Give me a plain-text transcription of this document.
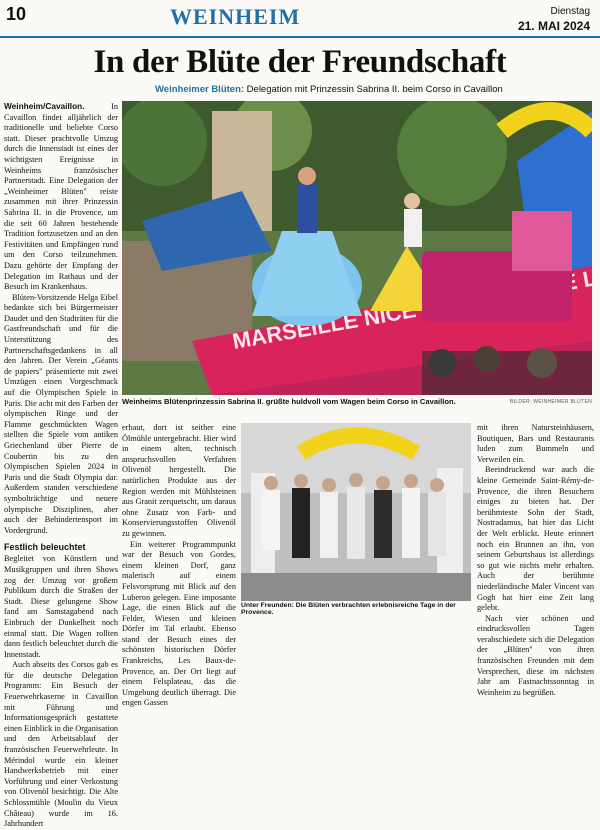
10	WEINHEIM	Dienstag
21. MAI 2024
In der Blüte der Freundschaft
Weinheimer Blüten: Delegation mit Prinzessin Sabrina II. beim Corso in Cavaillon

Weinheim/Cavaillon.	In Cavaillon findet alljährlich der traditionelle und beliebte Corso statt. Dieser prachtvolle Umzug durch die Innenstadt ist eines der wichtigsten Ereignisse in Weinheims französischer Partnerstadt. Eine Delegation der „Weinheimer Blüten" reiste zusammen mit ihrer Prinzessin Sabrina II. in die Provence, um die seit 60 Jahren bestehende Tradition fortzusetzen und an den Festivitäten und Empfängen rund um den Corso teilzunehmen. Dazu gehörte der Empfang der Delegation im Rathaus und der Besuch im Krankenhaus.

Blüten-Vorsitzende Helga Eibel bedankte sich bei Bürgermeister Daudet und den Stadträten für die Gastfreundschaft und für die Unterstützung des Partnerschaftsgedankens in all den Jahren. Der Verein „Géants de papiers" präsentierte mit zwei Umzügen einen Vorgeschmack auf die Olympischen Spiele in Paris. Die acht mit den Farben der olympischen Ringe und der Flamme geschmückten Wagen stellten die Spiele vom antiken Griechenland über Pierre de Coubertin bis zu den Olympischen Spielen 2024 in Paris und die Stadt Olympia dar. Außerdem standen verschiedene symbolträchtige und neuere olympische Disziplinen, aber auch der Behindertensport im Vordergrund.

Festlich beleuchtet

Begleitet von Künstlern und Musikgruppen und ihren Shows zog der Umzug vor großem Publikum durch die Straßen der Stadt. Diese gelungene Show fand am Samstagabend nach Einbruch der Dunkelheit noch einmal statt. Die Wagen rollten dann festlich beleuchtet durch die Innenstadt.

Auch abseits des Corsos gab es für die deutsche Delegation Programm: Ein Besuch der Feuerwehrkaserne in Cavaillon mit Führung und Informationsgespräch gestattete einen Einblick in die Organisation und den Arbeitsablauf der französischen Feuerwehrleute. In Mérindol wurde ein kleiner Handwerksbetrieb mit einer Vorführung und einer Verkostung von Olivenöl besichtigt. Die Alte Schlossmühle (Moulin du Vieux Château) wurde im 16. Jahrhundert

MARSEILLE NICE LY
Weinheims Blütenprinzessin Sabrina II. grüßte huldvoll vom Wagen beim Corso in Cavaillon.	BILDER: WEINHEIMER BLÜTEN

erbaut, dort ist seither eine Ölmühle untergebracht. Hier wird in einem alten, technisch anspruchsvollen Verfahren Olivenöl hergestellt. Die natürlichen Produkte aus der Region werden mit Mühlsteinen aus Granit zerquetscht, um daraus ohne Zusatz von Farb- und Konservierungsstoffen Olivenöl zu gewinnen.

Ein weiterer Programmpunkt war der Besuch von Gordes, einem kleinen Dorf, ganz malerisch auf einem Felsvorsprung mit Blick auf den Luberon gelegen. Eine imposante Lage, die einen Blick auf die Felder, Wiesen und kleinen Dörfer im Tal erlaubt. Ebenso stand der Besuch eines der schönsten historischen Dörfer Frankreichs, Les Baux-de-Provence, an. Der Ort liegt auf einem Felsplateau, das die Umgebung deutlich überragt. Die engen Gassen

Unter Freunden: Die Blüten verbrachten erlebnisreiche Tage in der Provence.

mit ihren Natursteinhäusern, Boutiquen, Bars und Restaurants luden zum Bummeln und Verweilen ein.

Beeindruckend war auch die kleine Gemeinde Saint-Rémy-de-Provence, die ihren Besuchern einiges zu bieten hat. Der berühmteste Sohn der Stadt, Nostradamus, hat hier das Licht der Welt erblickt. Heute erinnert noch ein Brunnen an ihn, von seinem Geburtshaus ist allerdings so gut wie nichts mehr erhalten. Auch der berühmte niederländische Maler Vincent van Gogh hat hier eine Zeit lang gelebt.

Nach vier schönen und eindrucksvollen Tagen verabschiedete sich die Delegation der „Blüten" von ihren französischen Freunden mit dem Versprechen, diese im nächsten Jahr am Fastnachtssonntag in Weinheim zu begrüßen.
